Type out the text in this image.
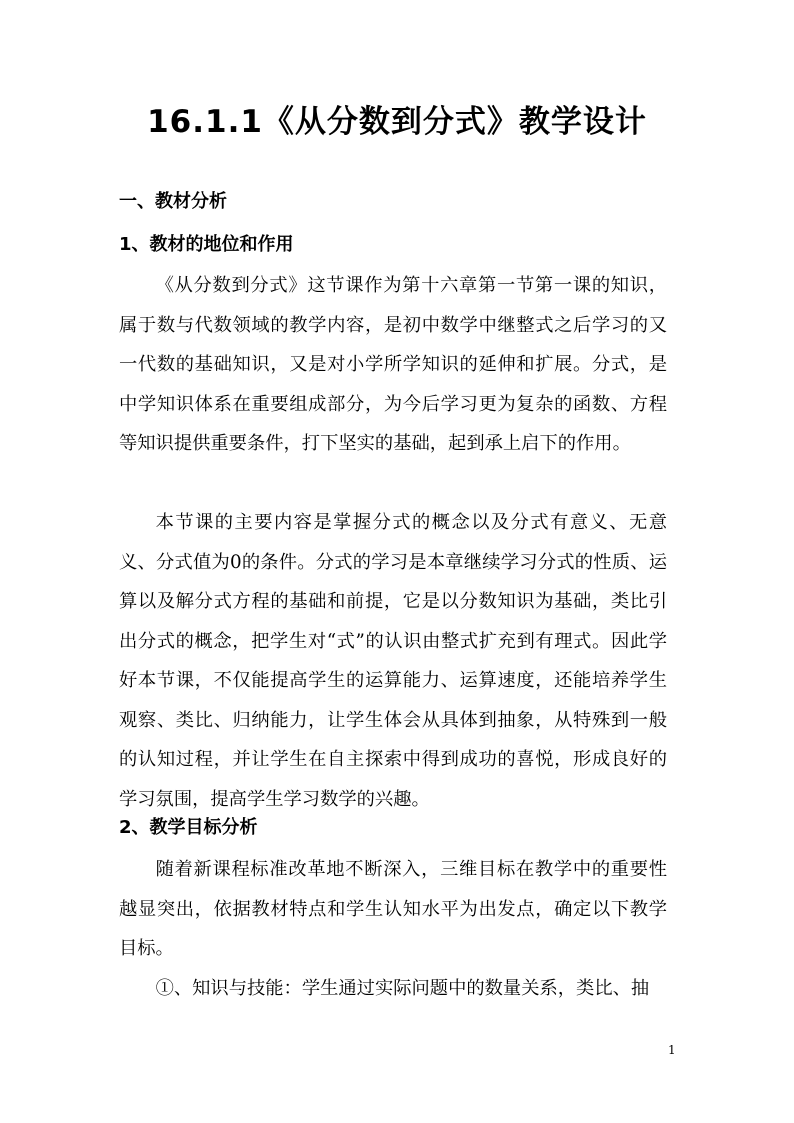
16.1.1《从分数到分式》教学设计
一、教材分析
1、教材的地位和作用

《从分数到分式》这节课作为第十六章第一节第一课的知识，属于数与代数领域的教学内容，是初中数学中继整式之后学习的又一代数的基础知识，又是对小学所学知识的延伸和扩展。分式，是中学知识体系在重要组成部分，为今后学习更为复杂的函数、方程等知识提供重要条件，打下坚实的基础，起到承上启下的作用。

本节课的主要内容是掌握分式的概念以及分式有意义、无意义、分式值为0的条件。分式的学习是本章继续学习分式的性质、运算以及解分式方程的基础和前提，它是以分数知识为基础，类比引出分式的概念，把学生对“式”的认识由整式扩充到有理式。因此学好本节课，不仅能提高学生的运算能力、运算速度，还能培养学生观察、类比、归纳能力，让学生体会从具体到抽象，从特殊到一般的认知过程，并让学生在自主探索中得到成功的喜悦，形成良好的学习氛围，提高学生学习数学的兴趣。

2、教学目标分析

随着新课程标准改革地不断深入，三维目标在教学中的重要性越显突出，依据教材特点和学生认知水平为出发点，确定以下教学目标。

①、知识与技能：学生通过实际问题中的数量关系，类比、抽

1
